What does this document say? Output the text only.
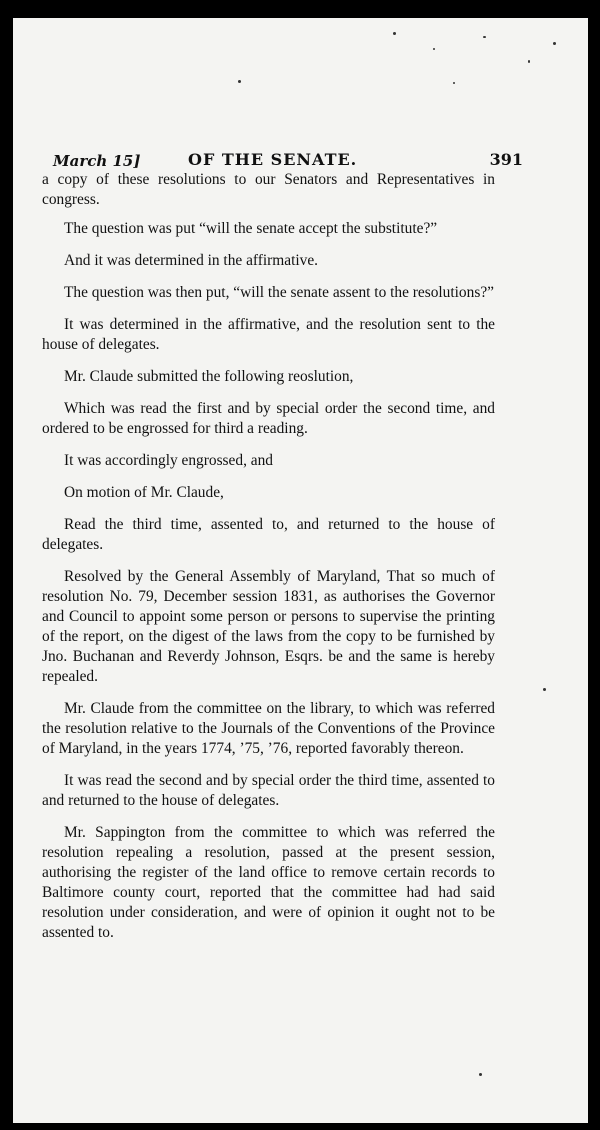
March 15]	OF THE SENATE.	391

a copy of these resolutions to our Senators and Representatives in congress.

The question was put “will the senate accept the substitute?”

And it was determined in the affirmative.

The question was then put, “will the senate assent to the resolutions?”

It was determined in the affirmative, and the resolution sent to the house of delegates.

Mr. Claude submitted the following reoslution,

Which was read the first and by special order the second time, and ordered to be engrossed for third a reading.

It was accordingly engrossed, and

On motion of Mr. Claude,

Read the third time, assented to, and returned to the house of delegates.

Resolved by the General Assembly of Maryland, That so much of resolution No. 79, December session 1831, as authorises the Governor and Council to appoint some person or persons to supervise the printing of the report, on the digest of the laws from the copy to be furnished by Jno. Buchanan and Reverdy Johnson, Esqrs. be and the same is hereby repealed.

Mr. Claude from the committee on the library, to which was referred the resolution relative to the Journals of the Conventions of the Province of Maryland, in the years 1774, ’75, ’76, reported favorably thereon.

It was read the second and by special order the third time, assented to and returned to the house of delegates.

Mr. Sappington from the committee to which was referred the resolution repealing a resolution, passed at the present session, authorising the register of the land office to remove certain records to Baltimore county court, reported that the committee had had said resolution under consideration, and were of opinion it ought not to be assented to.
